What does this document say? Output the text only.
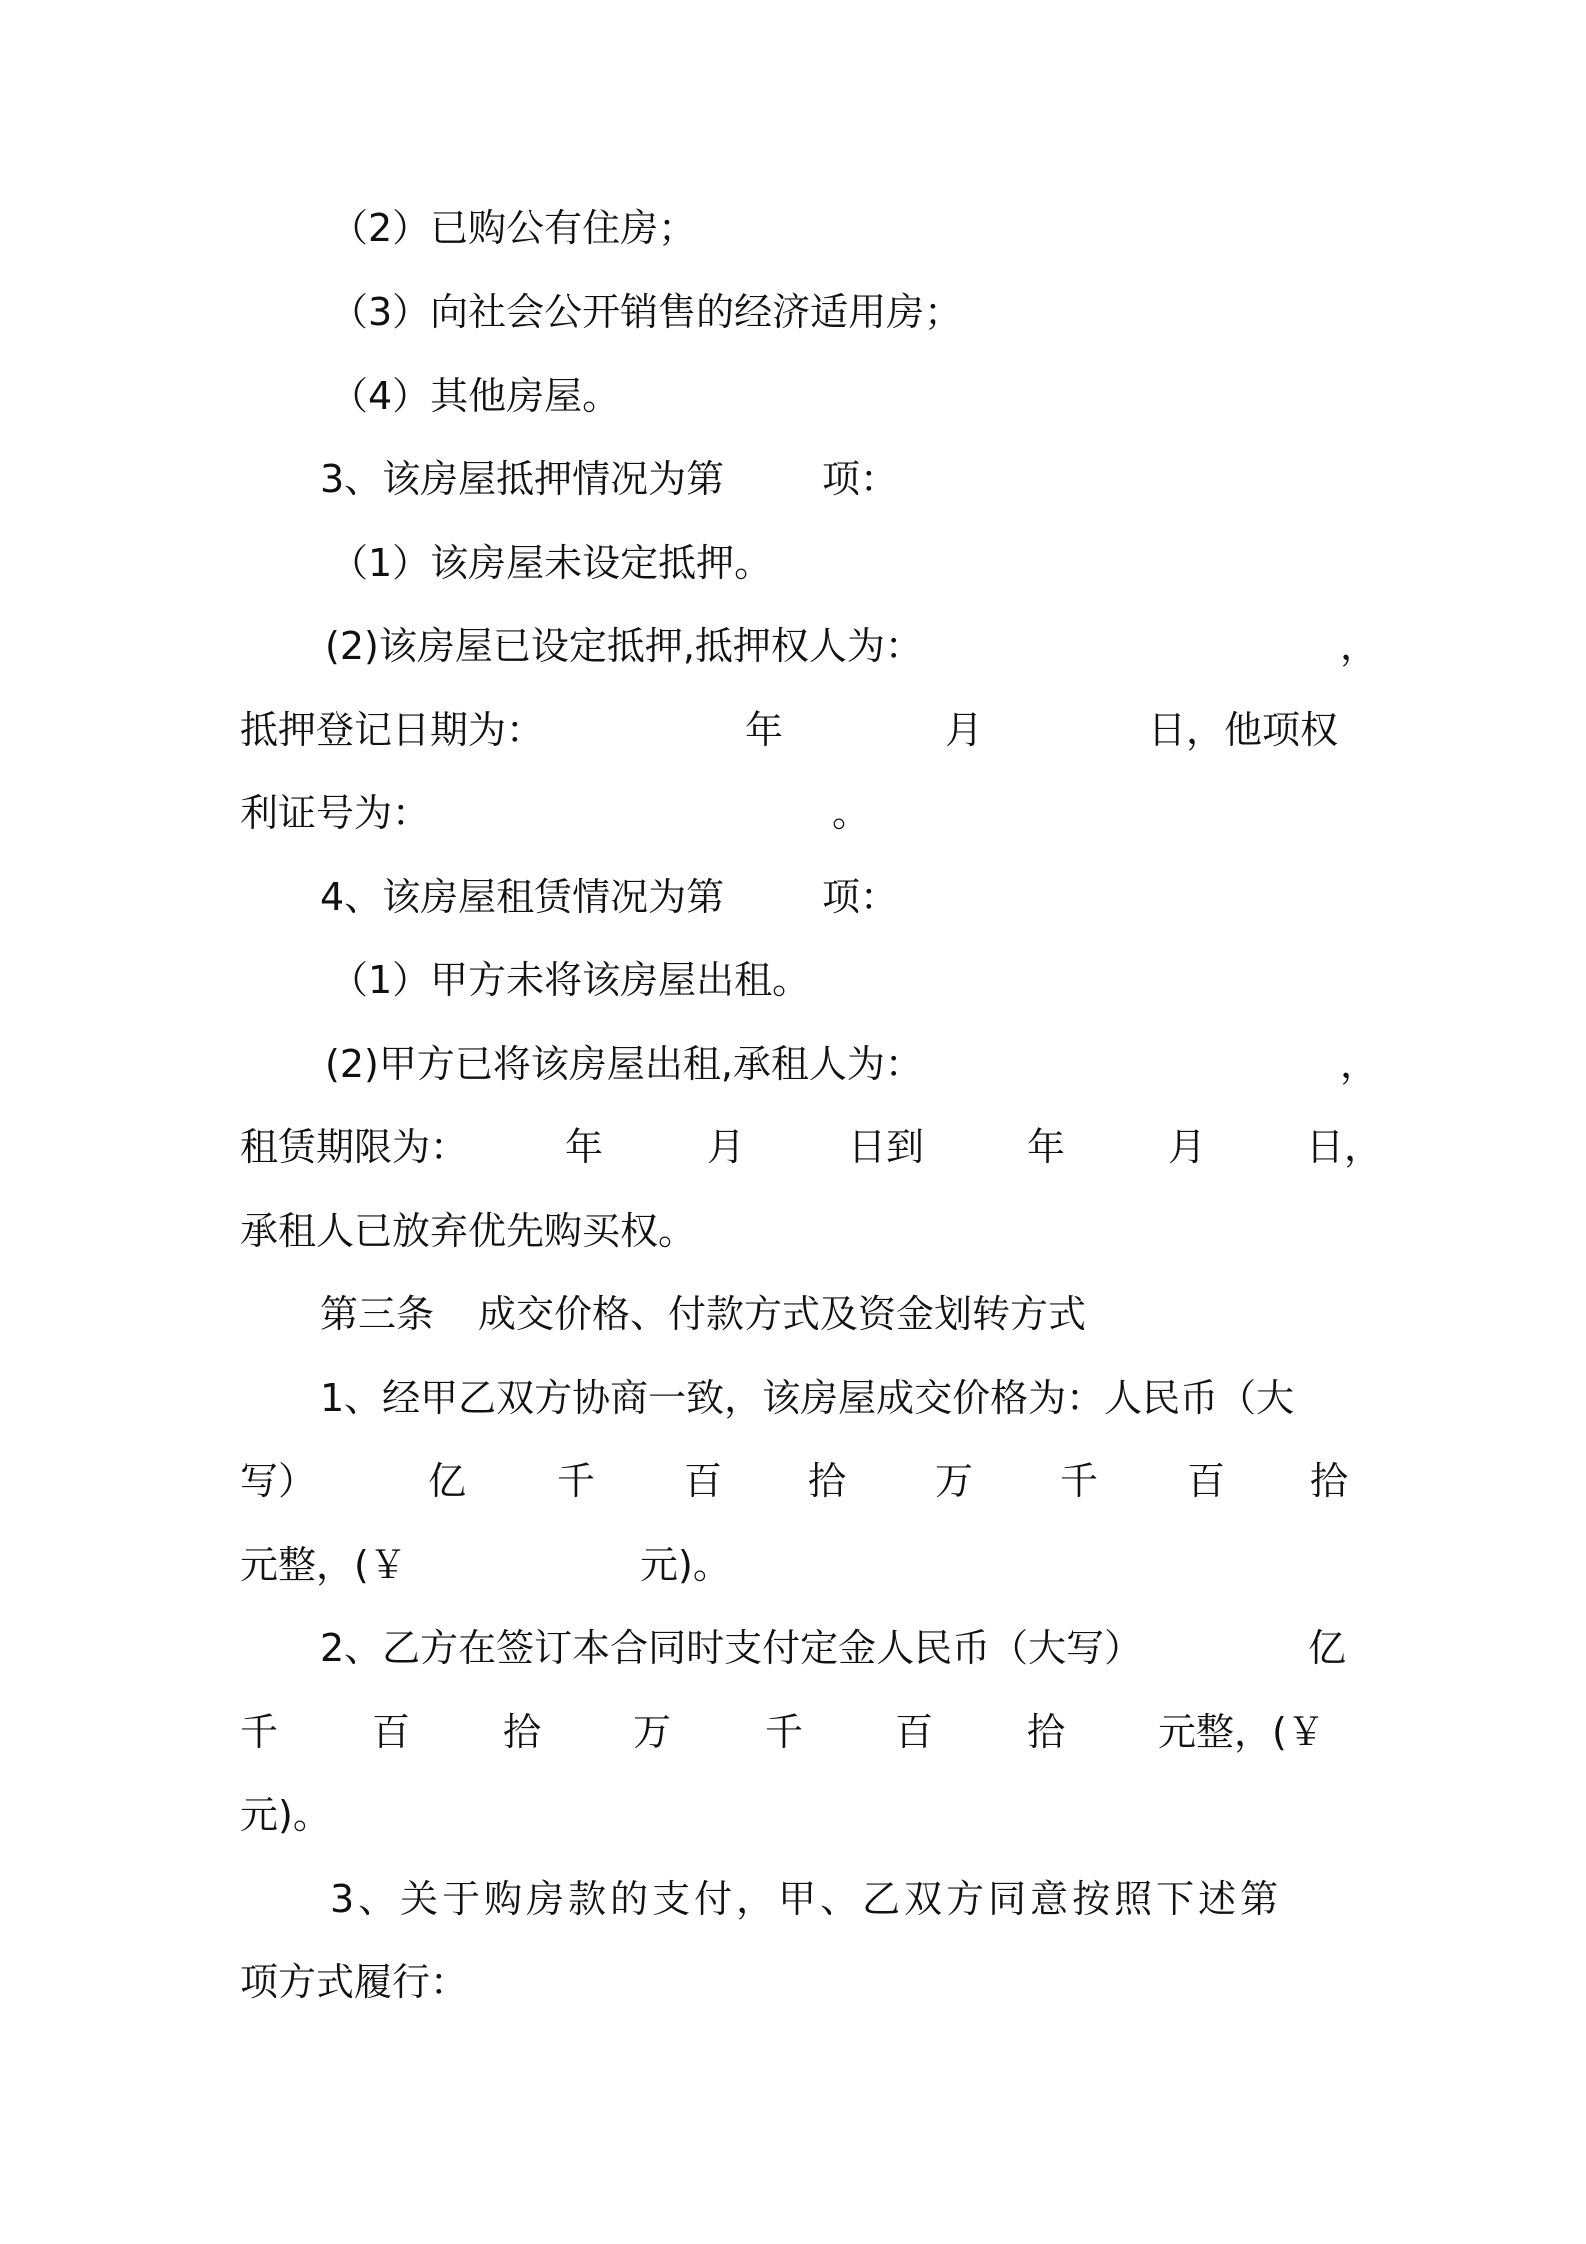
（2）已购公有住房；
（3）向社会公开销售的经济适用房；
（4）其他房屋。
3、该房屋抵押情况为第	项：
（1）该房屋未设定抵押。
(2)该房屋已设定抵押,抵押权人为：	，
抵押登记日期为：	年	月	日，他项权
利证号为：	。
4、该房屋租赁情况为第	项：
（1）甲方未将该房屋出租。
(2)甲方已将该房屋出租,承租人为：	，
租赁期限为：	年	月	日到	年	月	日，
承租人已放弃优先购买权。
第三条 成交价格、付款方式及资金划转方式
1、经甲乙双方协商一致，该房屋成交价格为：人民币（大
写）	亿 千 百 拾 万 千 百 拾
元整，(￥	元)。
2、乙方在签订本合同时支付定金人民币（大写）	亿
千 百 拾 万 千 百 拾 元整，(￥
元)。
3、关于购房款的支付，甲、乙双方同意按照下述第
项方式履行：
